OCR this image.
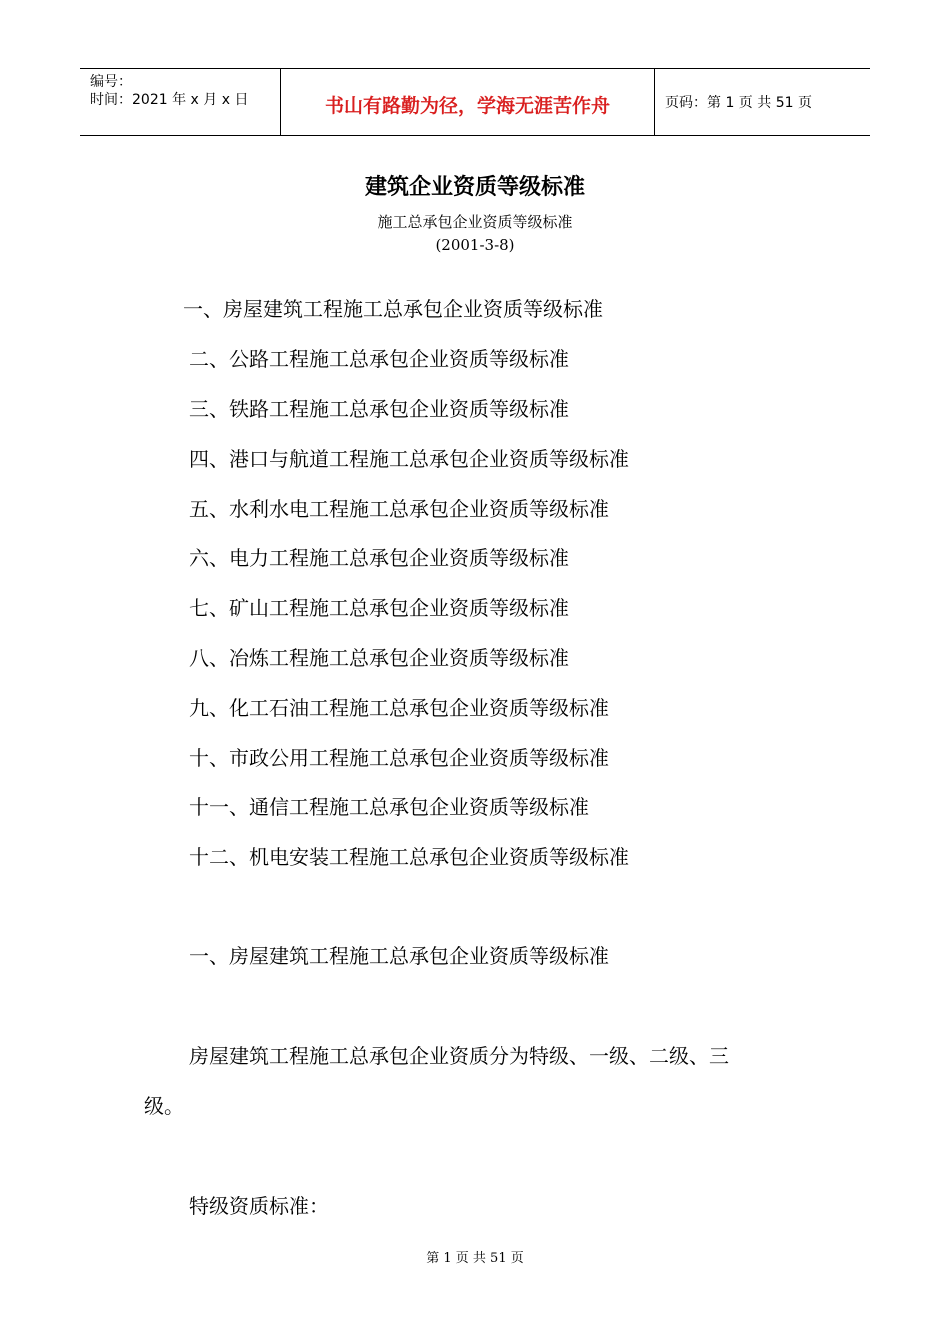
编号：
时间：2021 年 x 月 x 日	书山有路勤为径，学海无涯苦作舟	页码：第 1 页 共 51 页
建筑企业资质等级标准
施工总承包企业资质等级标准
(2001-3-8)
一、房屋建筑工程施工总承包企业资质等级标准
二、公路工程施工总承包企业资质等级标准
三、铁路工程施工总承包企业资质等级标准
四、港口与航道工程施工总承包企业资质等级标准
五、水利水电工程施工总承包企业资质等级标准
六、电力工程施工总承包企业资质等级标准
七、矿山工程施工总承包企业资质等级标准
八、冶炼工程施工总承包企业资质等级标准
九、化工石油工程施工总承包企业资质等级标准
十、市政公用工程施工总承包企业资质等级标准
十一、通信工程施工总承包企业资质等级标准
十二、机电安装工程施工总承包企业资质等级标准
一、房屋建筑工程施工总承包企业资质等级标准
房屋建筑工程施工总承包企业资质分为特级、一级、二级、三
级。
特级资质标准：
第 1 页 共 51 页
